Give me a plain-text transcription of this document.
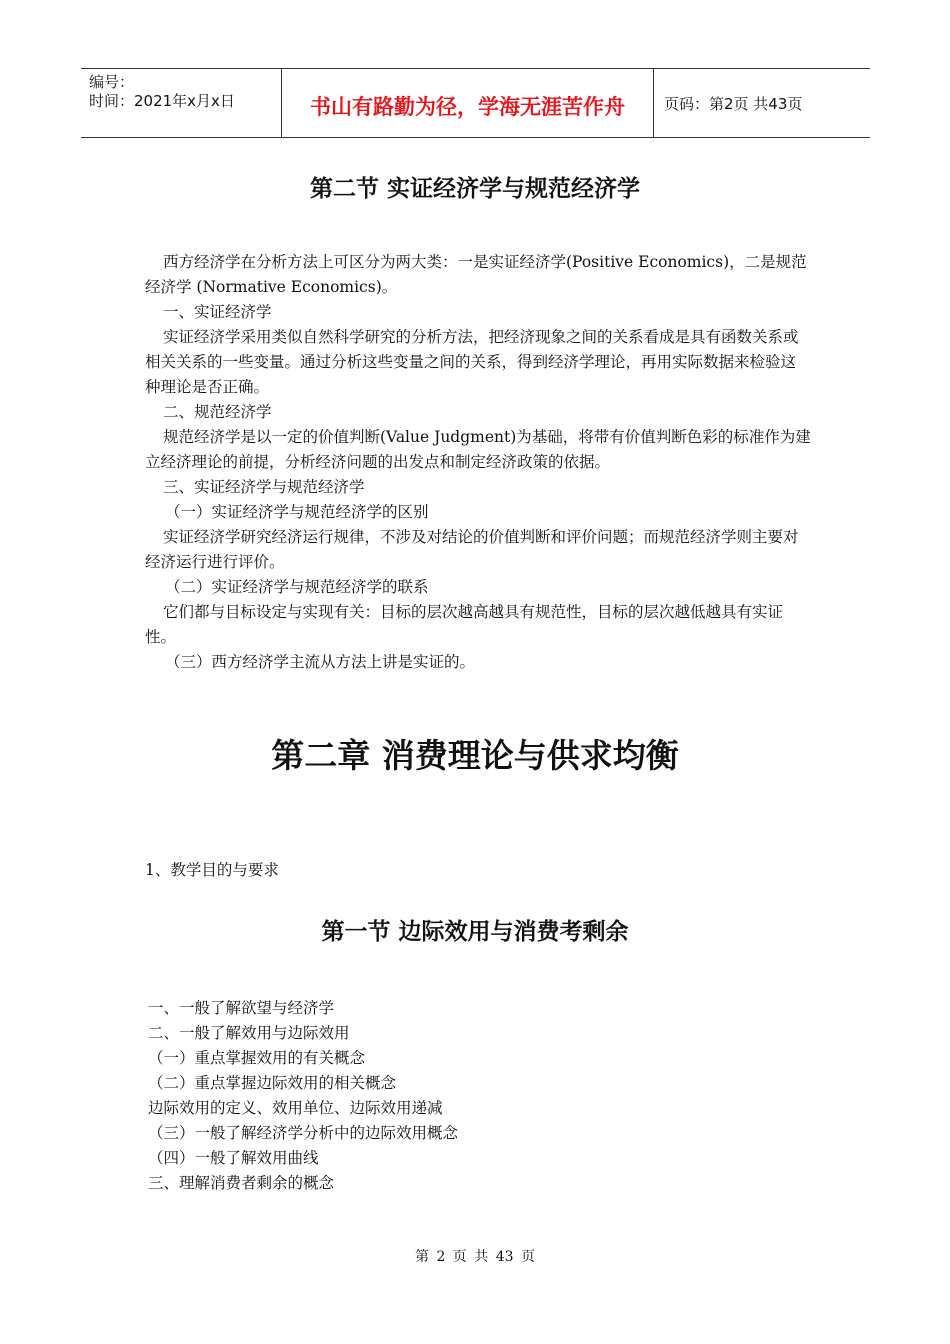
编号：
时间：2021年x月x日	书山有路勤为径，学海无涯苦作舟	页码：第2页 共43页
第二节 实证经济学与规范经济学

西方经济学在分析方法上可区分为两大类：一是实证经济学(Positive Economics)，二是规范经济学 (Normative Economics)。

一、实证经济学

实证经济学采用类似自然科学研究的分析方法，把经济现象之间的关系看成是具有函数关系或相关关系的一些变量。通过分析这些变量之间的关系，得到经济学理论，再用实际数据来检验这种理论是否正确。

二、规范经济学

规范经济学是以一定的价值判断(Value Judgment)为基础，将带有价值判断色彩的标准作为建立经济理论的前提，分析经济问题的出发点和制定经济政策的依据。

三、实证经济学与规范经济学

（一）实证经济学与规范经济学的区别

实证经济学研究经济运行规律，不涉及对结论的价值判断和评价问题；而规范经济学则主要对经济运行进行评价。

（二）实证经济学与规范经济学的联系

它们都与目标设定与实现有关：目标的层次越高越具有规范性，目标的层次越低越具有实证性。

（三）西方经济学主流从方法上讲是实证的。

第二章 消费理论与供求均衡
1、教学目的与要求
第一节 边际效用与消费考剩余

一、一般了解欲望与经济学

二、一般了解效用与边际效用

（一）重点掌握效用的有关概念

（二）重点掌握边际效用的相关概念

边际效用的定义、效用单位、边际效用递减

（三）一般了解经济学分析中的边际效用概念

（四）一般了解效用曲线

三、理解消费者剩余的概念

第 2 页 共 43 页
